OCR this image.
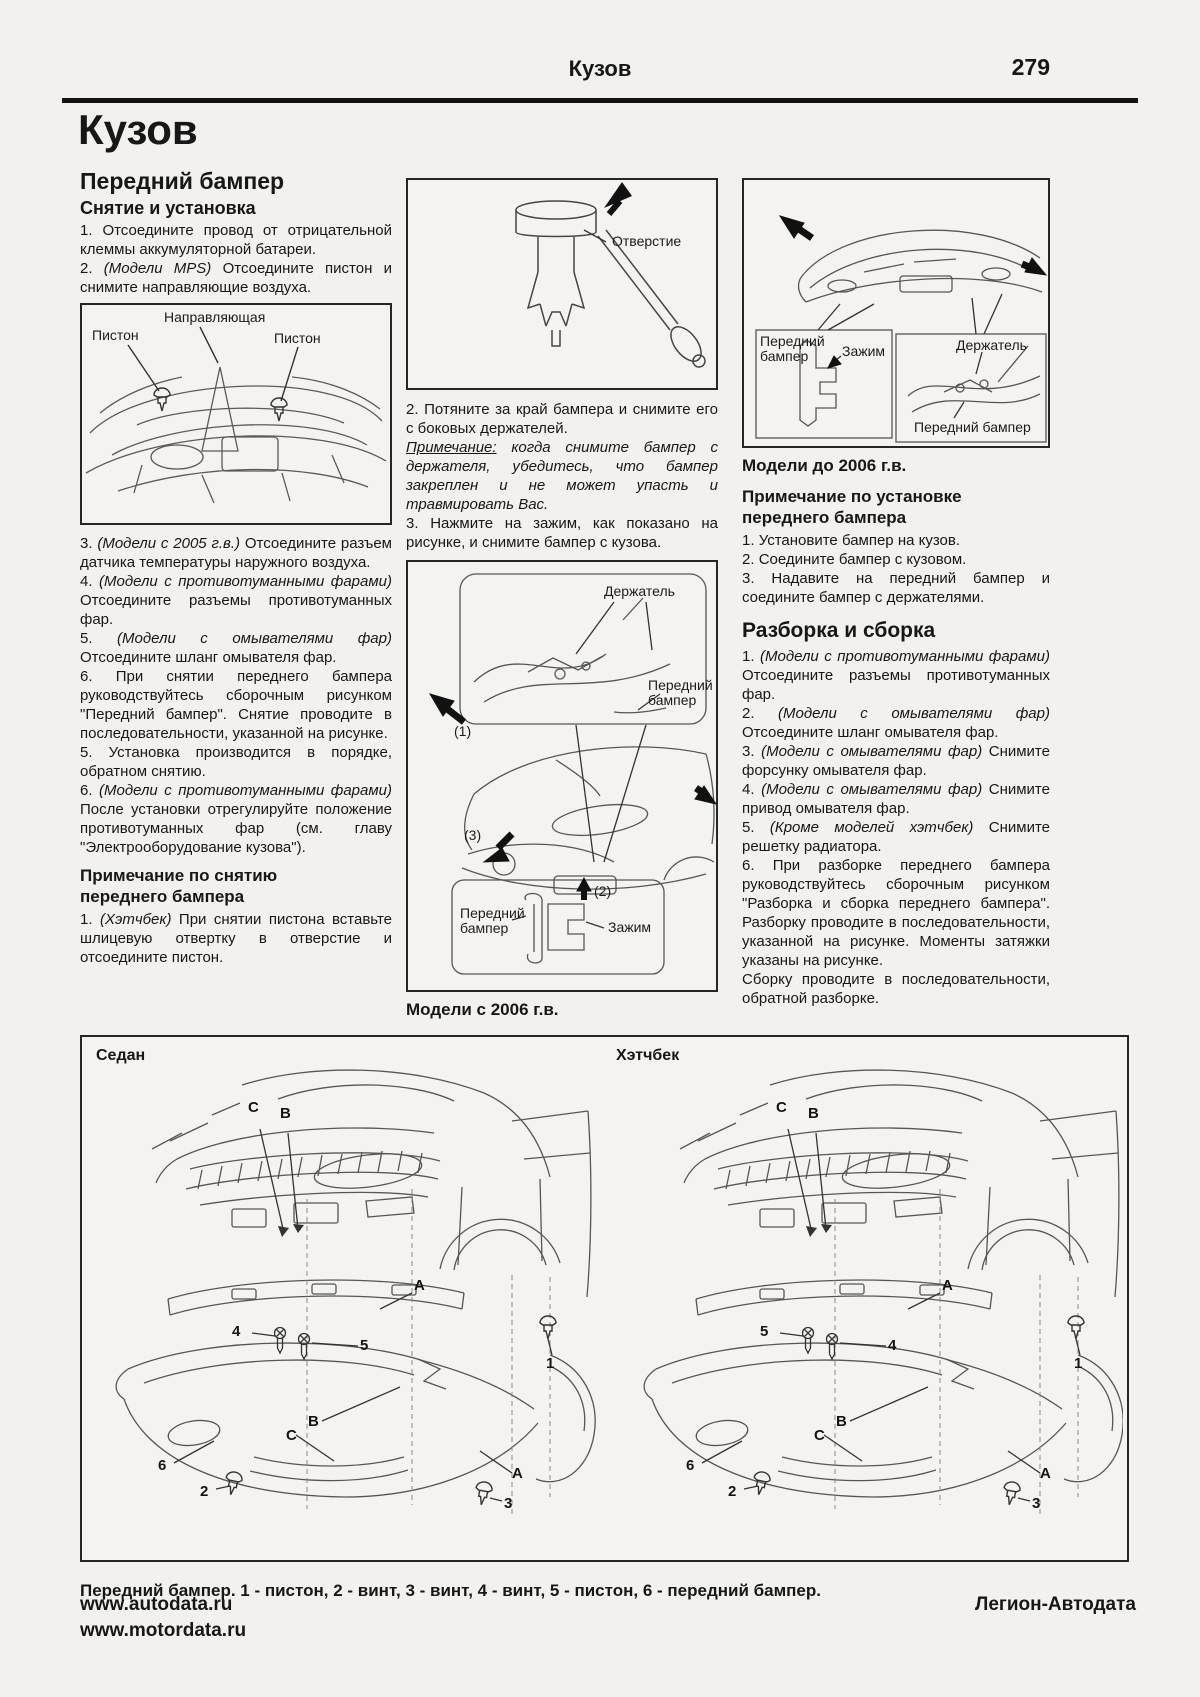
Кузов	279
Кузов
Передний бампер
Снятие и установка

1. Отсоедините провод от отрицательной клеммы аккумуляторной батареи.

2. (Модели MPS) Отсоедините пистон и снимите направляющие воздуха.

Направляющая
Пистон	Пистон

3. (Модели с 2005 г.в.) Отсоедините разъем датчика температуры наружного воздуха.

4. (Модели с противотуманными фарами) Отсоедините разъемы противотуманных фар.

5. (Модели с омывателями фар) Отсоедините шланг омывателя фар.

6. При снятии переднего бампера руководствуйтесь сборочным рисунком "Передний бампер". Снятие проводите в последовательности, указанной на рисунке.

5. Установка производится в порядке, обратном снятию.

6. (Модели с противотуманными фарами) После установки отрегулируйте положение противотуманных фар (см. главу "Электрооборудование кузова").

Примечание по снятию
переднего бампера

1. (Хэтчбек) При снятии пистона вставьте шлицевую отвертку в отверстие и отсоедините пистон.

Отверстие

2. Потяните за край бампера и снимите его с боковых держателей.

Примечание: когда снимите бампер с держателя, убедитесь, что бампер закреплен и не может упасть и травмировать Вас.

3. Нажмите на зажим, как показано на рисунке, и снимите бампер с кузова.

Держатель
Передний бампер
(1)
(3)
(2)
Передний бампер	Зажим

Модели с 2006 г.в.

Передний бампер	Зажим	Держатель
Передний бампер

Модели до 2006 г.в.

Примечание по установке
переднего бампера

1. Установите бампер на кузов.

2. Соедините бампер с кузовом.

3. Надавите на передний бампер и соедините бампер с держателями.

Разборка и сборка

1. (Модели с противотуманными фарами) Отсоедините разъемы противотуманных фар.

2. (Модели с омывателями фар) Отсоедините шланг омывателя фар.

3. (Модели с омывателями фар) Снимите форсунку омывателя фар.

4. (Модели с омывателями фар) Снимите привод омывателя фар.

5. (Кроме моделей хэтчбек) Снимите решетку радиатора.

6. При разборке переднего бампера руководствуйтесь сборочным рисунком "Разборка и сборка переднего бампера". Разборку проводите в последовательности, указанной на рисунке. Моменты затяжки указаны на рисунке.

Сборку проводите в последовательности, обратной разборке.

Седан	Хэтчбек
C B
A
4
5
1
B
C
6	A
2
3
C B
A
5
4
1
B
C
6	A
2
3

Передний бампер. 1 - пистон, 2 - винт, 3 - винт, 4 - винт, 5 - пистон, 6 - передний бампер.

www.autodata.ru
www.motordata.ru
Легион-Автодата
